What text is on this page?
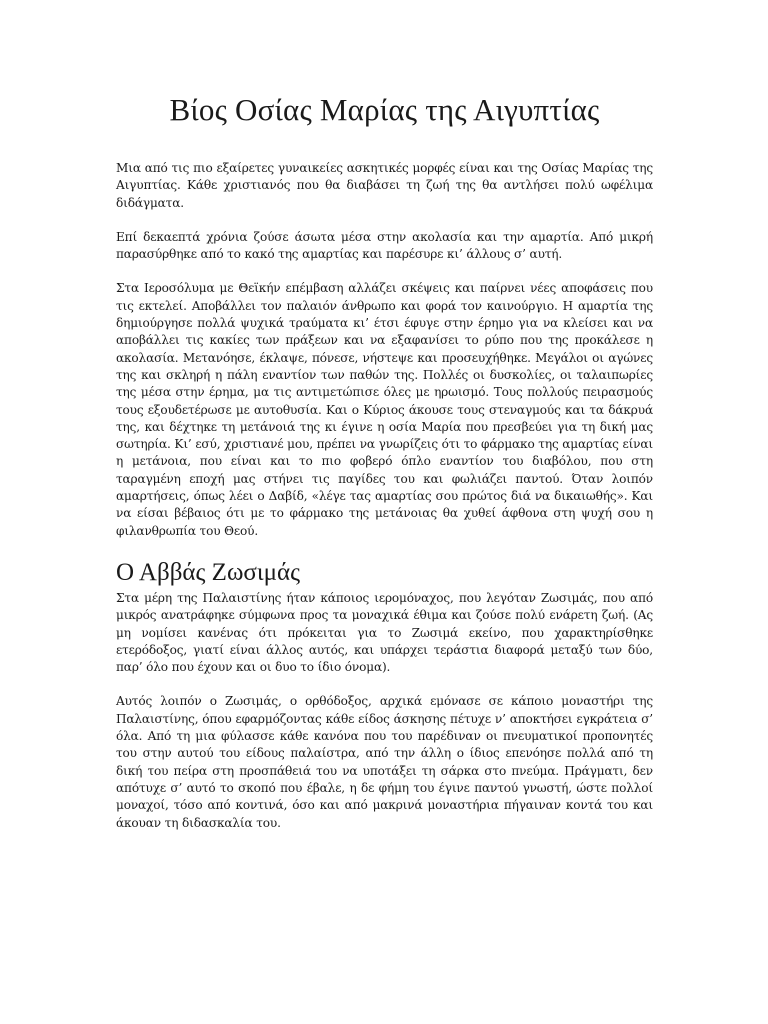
Βίος Οσίας Μαρίας της Αιγυπτίας

Μια από τις πιο εξαίρετες γυναικείες ασκητικές μορφές είναι και της Οσίας Μαρίας της Αιγυπτίας. Κάθε χριστιανός που θα διαβάσει τη ζωή της θα αντλήσει πολύ ωφέλιμα διδάγματα.

Επί δεκαεπτά χρόνια ζούσε άσωτα μέσα στην ακολασία και την αμαρτία. Από μικρή παρασύρθηκε από το κακό της αμαρτίας και παρέσυρε κι’ άλλους σ’ αυτή.

Στα Ιεροσόλυμα με Θεϊκήν επέμβαση αλλάζει σκέψεις και παίρνει νέες αποφάσεις που τις εκτελεί. Αποβάλλει τον παλαιόν άνθρωπο και φορά τον καινούργιο. Η αμαρτία της δημιούργησε πολλά ψυχικά τραύματα κι’ έτσι έφυγε στην έρημο για να κλείσει και να αποβάλλει τις κακίες των πράξεων και να εξαφανίσει το ρύπο που της προκάλεσε η ακολασία. Μετανόησε, έκλαψε, πόνεσε, νήστεψε και προσευχήθηκε. Μεγάλοι οι αγώνες της και σκληρή η πάλη εναντίον των παθών της. Πολλές οι δυσκολίες, οι ταλαιπωρίες της μέσα στην έρημα, μα τις αντιμετώπισε όλες με ηρωισμό. Τους πολλούς πειρασμούς τους εξουδετέρωσε με αυτοθυσία. Και ο Κύριος άκουσε τους στεναγμούς και τα δάκρυά της, και δέχτηκε τη μετάνοιά της κι έγινε η οσία Μαρία που πρεσβεύει για τη δική μας σωτηρία. Κι’ εσύ, χριστιανέ μου, πρέπει να γνωρίζεις ότι το φάρμακο της αμαρτίας είναι η μετάνοια, που είναι και το πιο φοβερό όπλο εναντίον του διαβόλου, που στη ταραγμένη εποχή μας στήνει τις παγίδες του και φωλιάζει παντού. Όταν λοιπόν αμαρτήσεις, όπως λέει ο Δαβίδ, «λέγε τας αμαρτίας σου πρώτος διά να δικαιωθής». Και να είσαι βέβαιος ότι με το φάρμακο της μετάνοιας θα χυθεί άφθονα στη ψυχή σου η φιλανθρωπία του Θεού.

Ο Αββάς Ζωσιμάς

Στα μέρη της Παλαιστίνης ήταν κάποιος ιερομόναχος, που λεγόταν Ζωσιμάς, που από μικρός ανατράφηκε σύμφωνα προς τα μοναχικά έθιμα και ζούσε πολύ ενάρετη ζωή. (Ας μη νομίσει κανένας ότι πρόκειται για το Ζωσιμά εκείνο, που χαρακτηρίσθηκε ετερόδοξος, γιατί είναι άλλος αυτός, και υπάρχει τεράστια διαφορά μεταξύ των δύο, παρ’ όλο που έχουν και οι δυο το ίδιο όνομα).

Αυτός λοιπόν ο Ζωσιμάς, ο ορθόδοξος, αρχικά εμόνασε σε κάποιο μοναστήρι της Παλαιστίνης, όπου εφαρμόζοντας κάθε είδος άσκησης πέτυχε ν’ αποκτήσει εγκράτεια σ’ όλα. Από τη μια φύλασσε κάθε κανόνα που του παρέδιναν οι πνευματικοί προπονητές του στην αυτού του είδους παλαίστρα, από την άλλη ο ίδιος επενόησε πολλά από τη δική του πείρα στη προσπάθειά του να υποτάξει τη σάρκα στο πνεύμα. Πράγματι, δεν απότυχε σ’ αυτό το σκοπό που έβαλε, η δε φήμη του έγινε παντού γνωστή, ώστε πολλοί μοναχοί, τόσο από κοντινά, όσο και από μακρινά μοναστήρια πήγαιναν κοντά του και άκουαν τη διδασκαλία του.
